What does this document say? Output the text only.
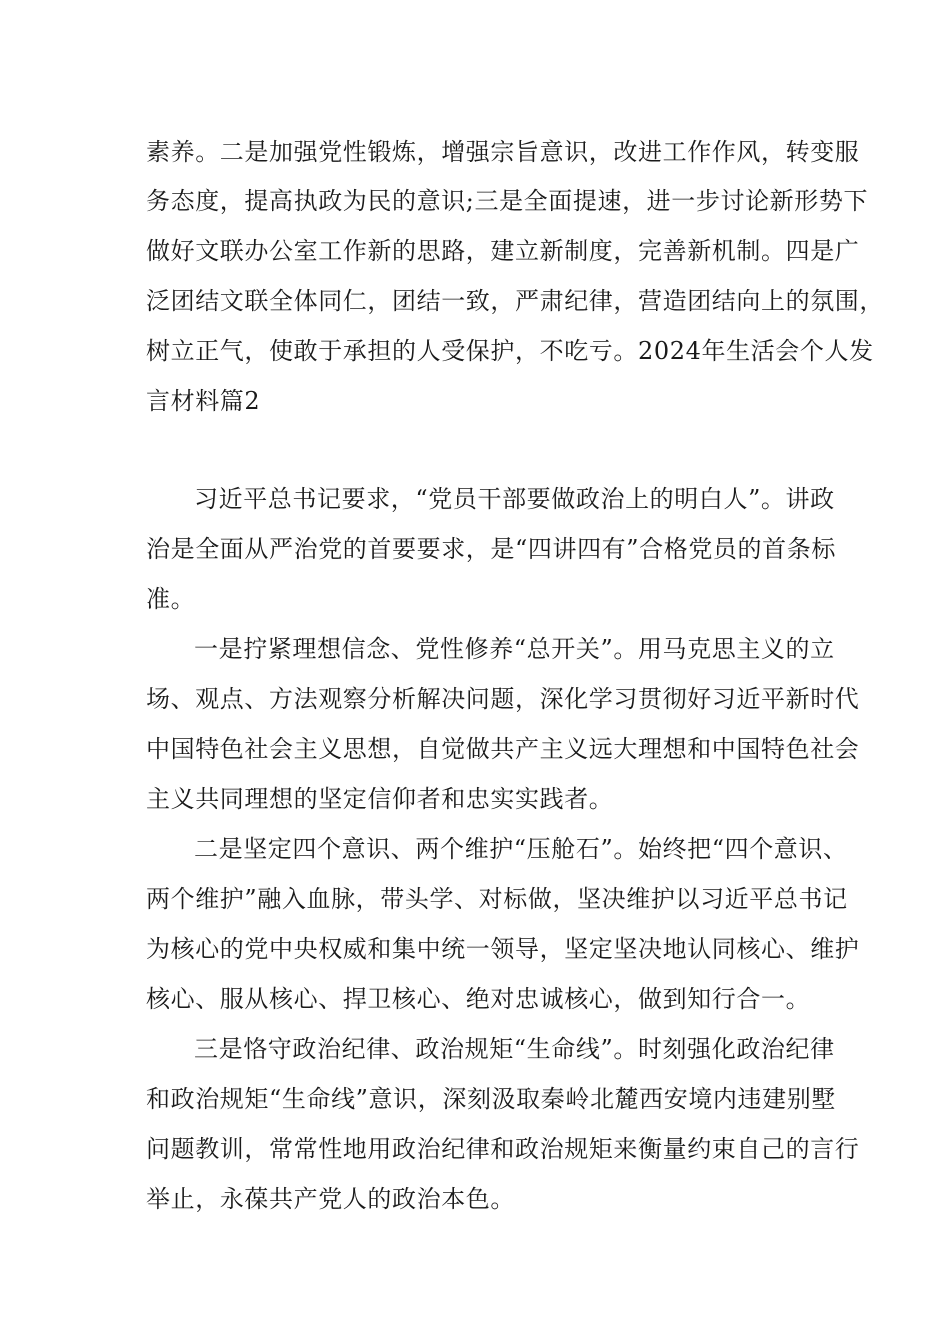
素养。二是加强党性锻炼，增强宗旨意识，改进工作作风，转变服
务态度，提高执政为民的意识;三是全面提速，进一步讨论新形势下
做好文联办公室工作新的思路，建立新制度，完善新机制。四是广
泛团结文联全体同仁，团结一致，严肃纪律，营造团结向上的氛围，
树立正气，使敢于承担的人受保护，不吃亏。2024年生活会个人发
言材料篇2
习近平总书记要求，“党员干部要做政治上的明白人”。讲政
治是全面从严治党的首要要求，是“四讲四有”合格党员的首条标
准。
一是拧紧理想信念、党性修养“总开关”。用马克思主义的立
场、观点、方法观察分析解决问题，深化学习贯彻好习近平新时代
中国特色社会主义思想，自觉做共产主义远大理想和中国特色社会
主义共同理想的坚定信仰者和忠实实践者。
二是坚定四个意识、两个维护“压舱石”。始终把“四个意识、
两个维护”融入血脉，带头学、对标做，坚决维护以习近平总书记
为核心的党中央权威和集中统一领导，坚定坚决地认同核心、维护
核心、服从核心、捍卫核心、绝对忠诚核心，做到知行合一。
三是恪守政治纪律、政治规矩“生命线”。时刻强化政治纪律
和政治规矩“生命线”意识，深刻汲取秦岭北麓西安境内违建别墅
问题教训，常常性地用政治纪律和政治规矩来衡量约束自己的言行
举止，永葆共产党人的政治本色。
